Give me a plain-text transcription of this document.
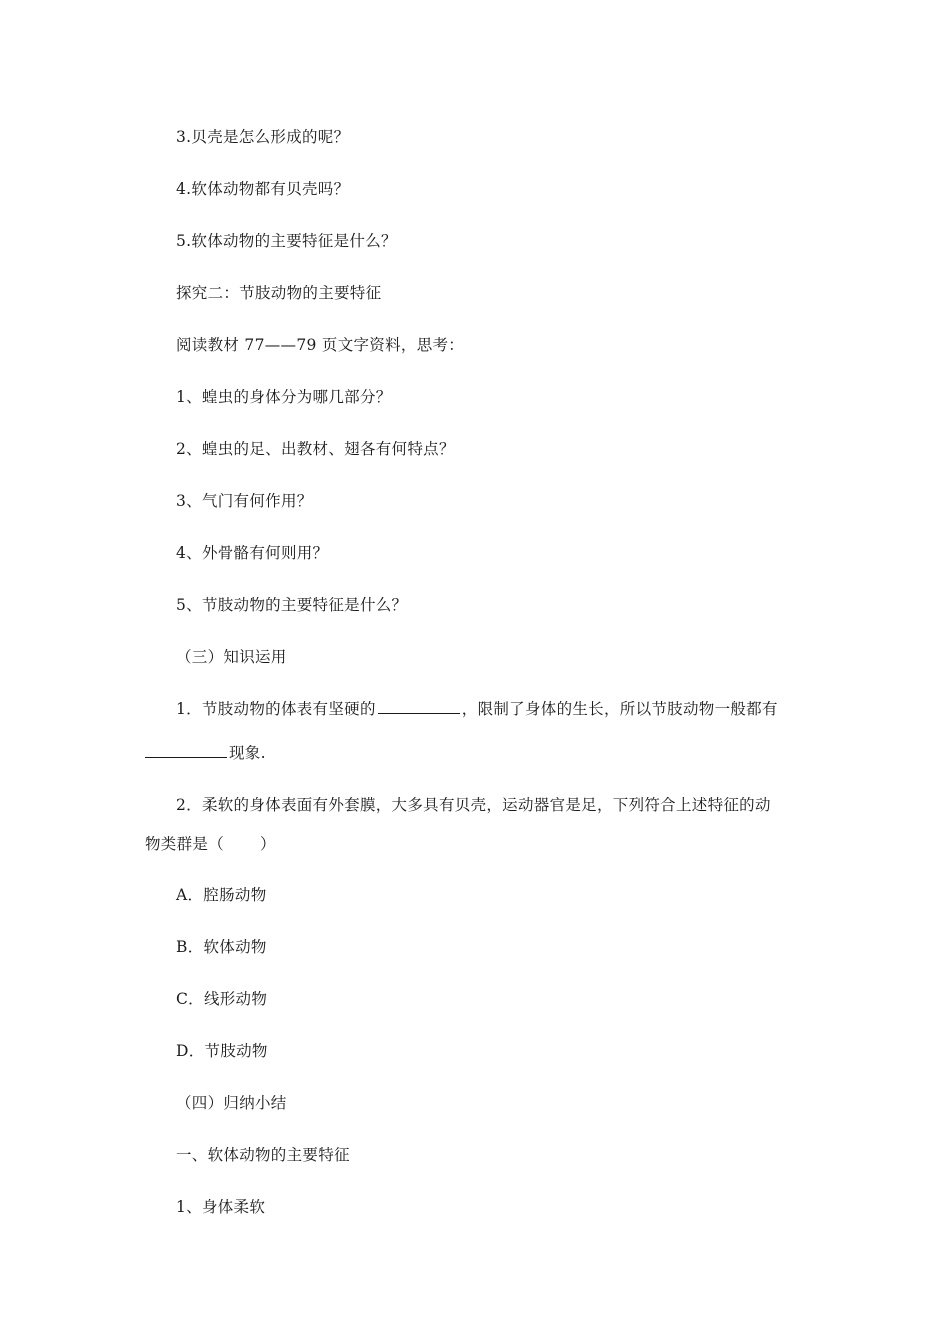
3.贝壳是怎么形成的呢？
4.软体动物都有贝壳吗？
5.软体动物的主要特征是什么？
探究二：节肢动物的主要特征
阅读教材 77——79 页文字资料，思考：
1、蝗虫的身体分为哪几部分？
2、蝗虫的足、出教材、翅各有何特点？
3、气门有何作用？
4、外骨骼有何则用？
5、节肢动物的主要特征是什么？
（三）知识运用
1．节肢动物的体表有坚硬的	，限制了身体的生长，所以节肢动物一般都有
现象.
2．柔软的身体表面有外套膜，大多具有贝壳，运动器官是足，下列符合上述特征的动
物类群是（ ）
A．腔肠动物
B．软体动物
C．线形动物
D．节肢动物
（四）归纳小结
一、软体动物的主要特征
1、身体柔软
